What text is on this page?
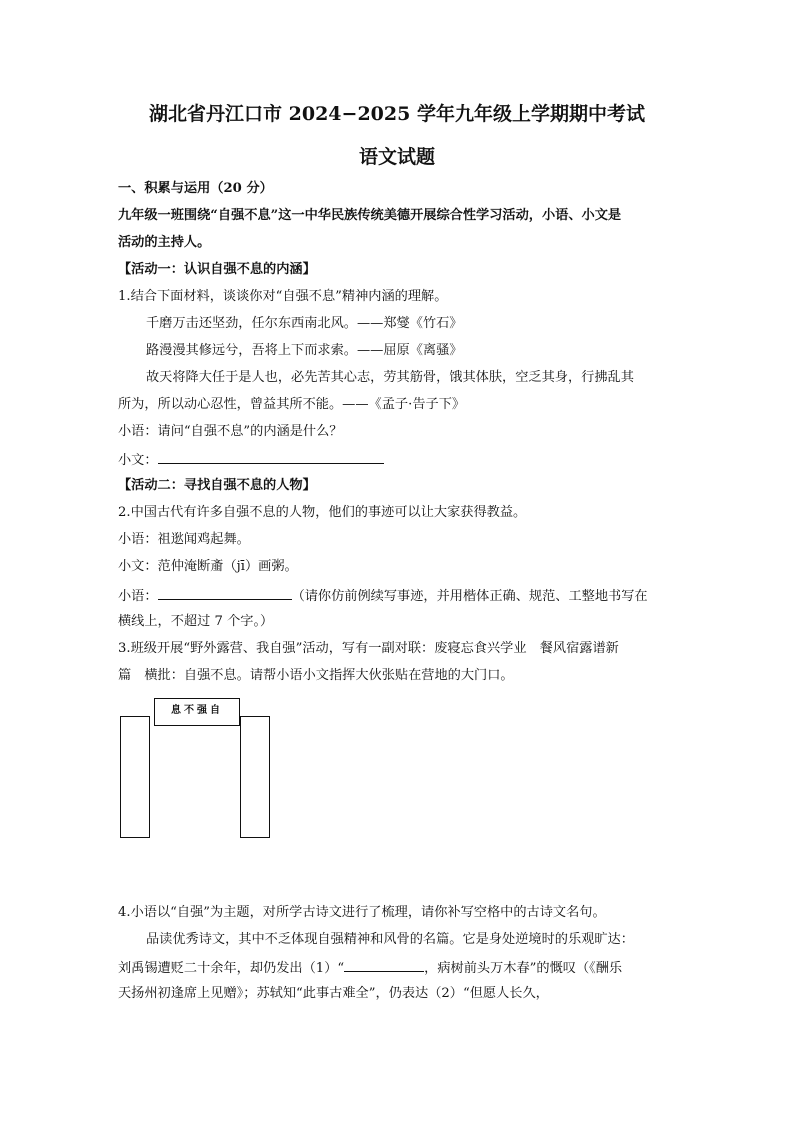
湖北省丹江口市 2024−2025 学年九年级上学期期中考试
语文试题
一、积累与运用（20 分）
九年级一班围绕“自强不息”这一中华民族传统美德开展综合性学习活动，小语、小文是
活动的主持人。
【活动一：认识自强不息的内涵】
1.结合下面材料，谈谈你对“自强不息”精神内涵的理解。
千磨万击还坚劲，任尔东西南北风。——郑燮《竹石》
路漫漫其修远兮，吾将上下而求索。——屈原《离骚》
故天将降大任于是人也，必先苦其心志，劳其筋骨，饿其体肤，空乏其身，行拂乱其
所为，所以动心忍性，曾益其所不能。——《孟子·告子下》
小语：请问“自强不息”的内涵是什么？
小文：
【活动二：寻找自强不息的人物】
2.中国古代有许多自强不息的人物，他们的事迹可以让大家获得教益。
小语：祖逖闻鸡起舞。
小文：范仲淹断齑（jī）画粥。
小语：	（请你仿前例续写事迹，并用楷体正确、规范、工整地书写在
横线上，不超过 7 个字。）
3.班级开展“野外露营、我自强”活动，写有一副对联：废寝忘食兴学业　餐风宿露谱新
篇　横批：自强不息。请帮小语小文指挥大伙张贴在营地的大门口。
息不强自
4.小语以“自强”为主题，对所学古诗文进行了梳理，请你补写空格中的古诗文名句。
品读优秀诗文，其中不乏体现自强精神和风骨的名篇。它是身处逆境时的乐观旷达：
刘禹锡遭贬二十余年，却仍发出（1）“	，病树前头万木春”的慨叹（《酬乐
天扬州初逢席上见赠》；苏轼知“此事古难全”，仍表达（2）“但愿人长久，
